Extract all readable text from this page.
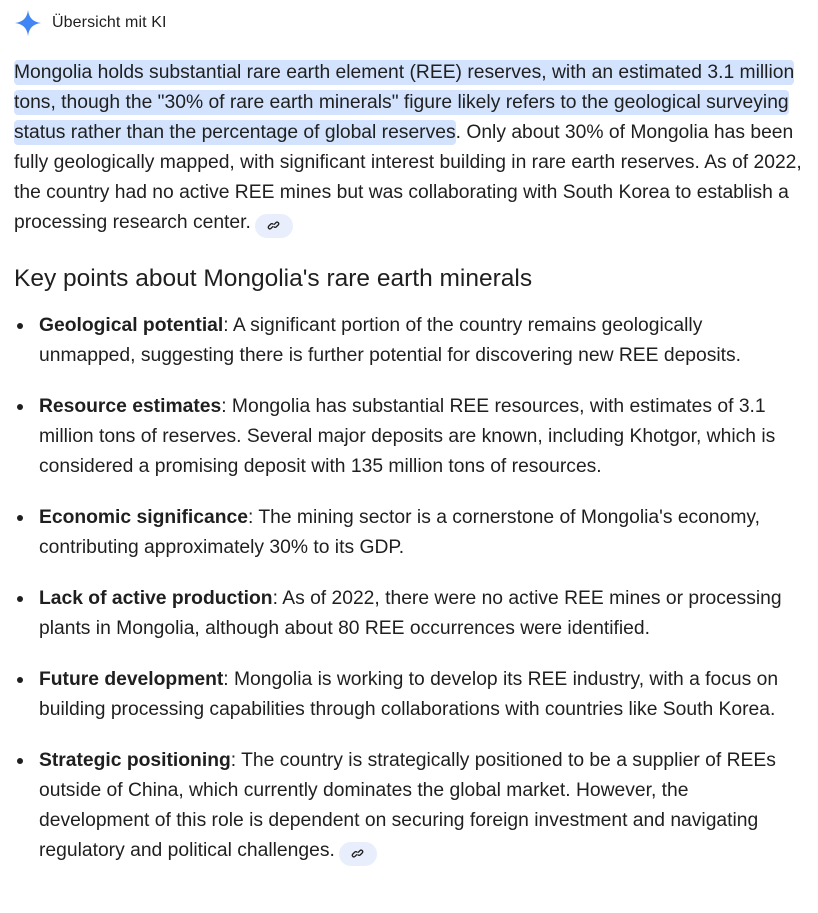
Übersicht mit KI
Mongolia holds substantial rare earth element (REE) reserves, with an estimated 3.1 million tons, though the "30% of rare earth minerals" figure likely refers to the geological surveying status rather than the percentage of global reserves. Only about 30% of Mongolia has been fully geologically mapped, with significant interest building in rare earth reserves. As of 2022, the country had no active REE mines but was collaborating with South Korea to establish a processing research center.
Key points about Mongolia's rare earth minerals
Geological potential: A significant portion of the country remains geologically unmapped, suggesting there is further potential for discovering new REE deposits.
Resource estimates: Mongolia has substantial REE resources, with estimates of 3.1 million tons of reserves. Several major deposits are known, including Khotgor, which is considered a promising deposit with 135 million tons of resources.
Economic significance: The mining sector is a cornerstone of Mongolia's economy, contributing approximately 30% to its GDP.
Lack of active production: As of 2022, there were no active REE mines or processing plants in Mongolia, although about 80 REE occurrences were identified.
Future development: Mongolia is working to develop its REE industry, with a focus on building processing capabilities through collaborations with countries like South Korea.
Strategic positioning: The country is strategically positioned to be a supplier of REEs outside of China, which currently dominates the global market. However, the development of this role is dependent on securing foreign investment and navigating regulatory and political challenges.
